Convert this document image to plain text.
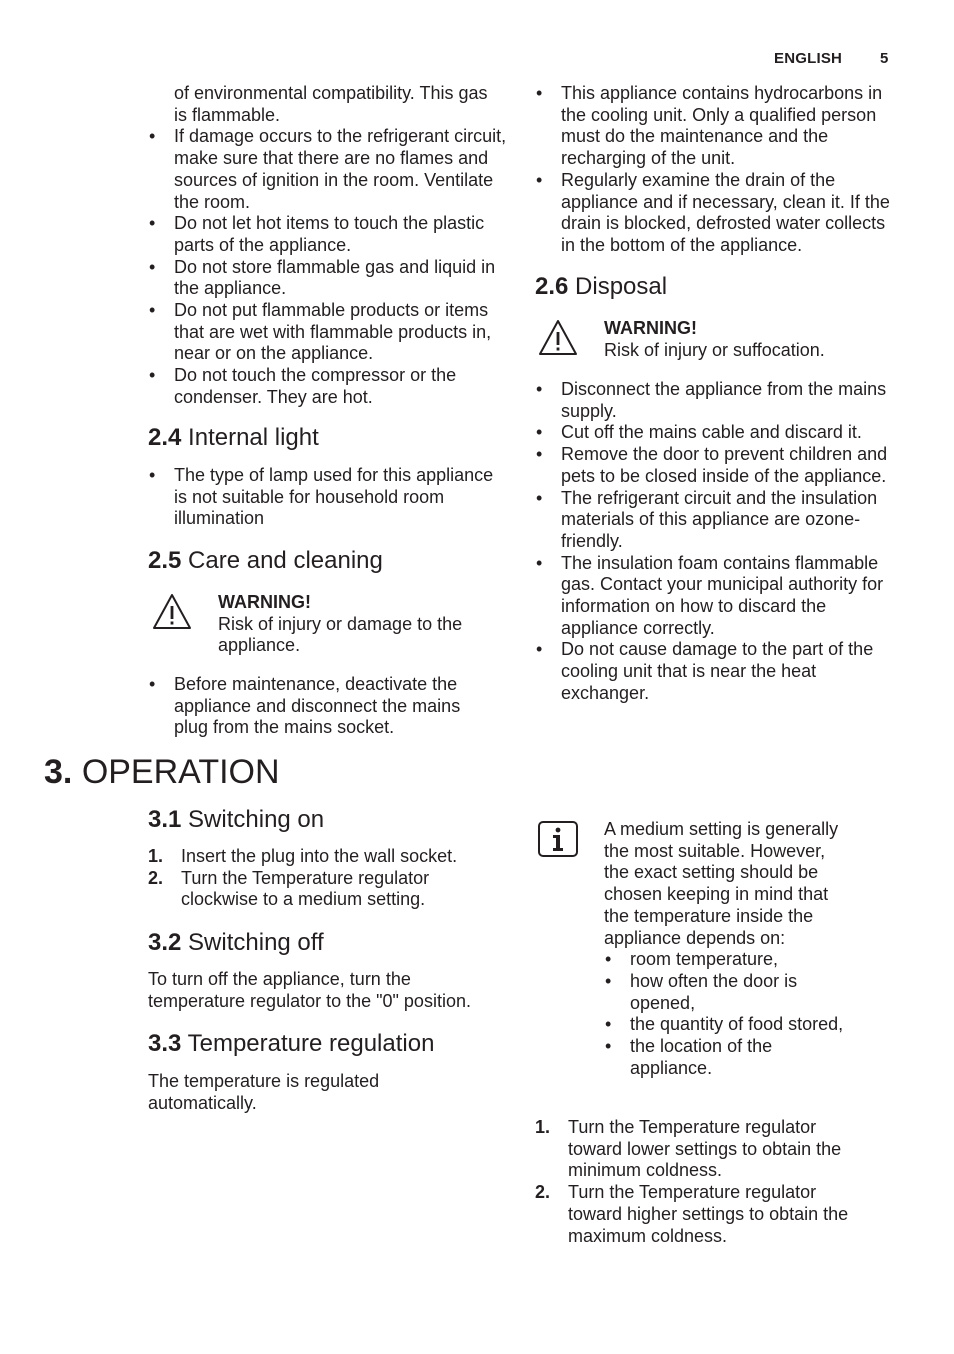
ENGLISH	5
of environmental compatibility. This gas
is flammable.
• If damage occurs to the refrigerant circuit, make sure that there are no flames and sources of ignition in the room. Ventilate the room.
• Do not let hot items to touch the plastic parts of the appliance.
• Do not store flammable gas and liquid in the appliance.
• Do not put flammable products or items that are wet with flammable products in, near or on the appliance.
• Do not touch the compressor or the condenser. They are hot.
2.4 Internal light
• The type of lamp used for this appliance is not suitable for household room illumination
2.5 Care and cleaning
WARNING!
Risk of injury or damage to the appliance.
• Before maintenance, deactivate the appliance and disconnect the mains plug from the mains socket.
• This appliance contains hydrocarbons in the cooling unit. Only a qualified person must do the maintenance and the recharging of the unit.
• Regularly examine the drain of the appliance and if necessary, clean it. If the drain is blocked, defrosted water collects in the bottom of the appliance.
2.6 Disposal
WARNING!
Risk of injury or suffocation.
• Disconnect the appliance from the mains supply.
• Cut off the mains cable and discard it.
• Remove the door to prevent children and pets to be closed inside of the appliance.
• The refrigerant circuit and the insulation materials of this appliance are ozone-friendly.
• The insulation foam contains flammable gas. Contact your municipal authority for information on how to discard the appliance correctly.
• Do not cause damage to the part of the cooling unit that is near the heat exchanger.
3. OPERATION
3.1 Switching on
1. Insert the plug into the wall socket.
2. Turn the Temperature regulator clockwise to a medium setting.
3.2 Switching off
To turn off the appliance, turn the temperature regulator to the "0" position.
3.3 Temperature regulation
The temperature is regulated automatically.
A medium setting is generally the most suitable. However, the exact setting should be chosen keeping in mind that the temperature inside the appliance depends on:
• room temperature,
• how often the door is opened,
• the quantity of food stored,
• the location of the appliance.
1. Turn the Temperature regulator toward lower settings to obtain the minimum coldness.
2. Turn the Temperature regulator toward higher settings to obtain the maximum coldness.
